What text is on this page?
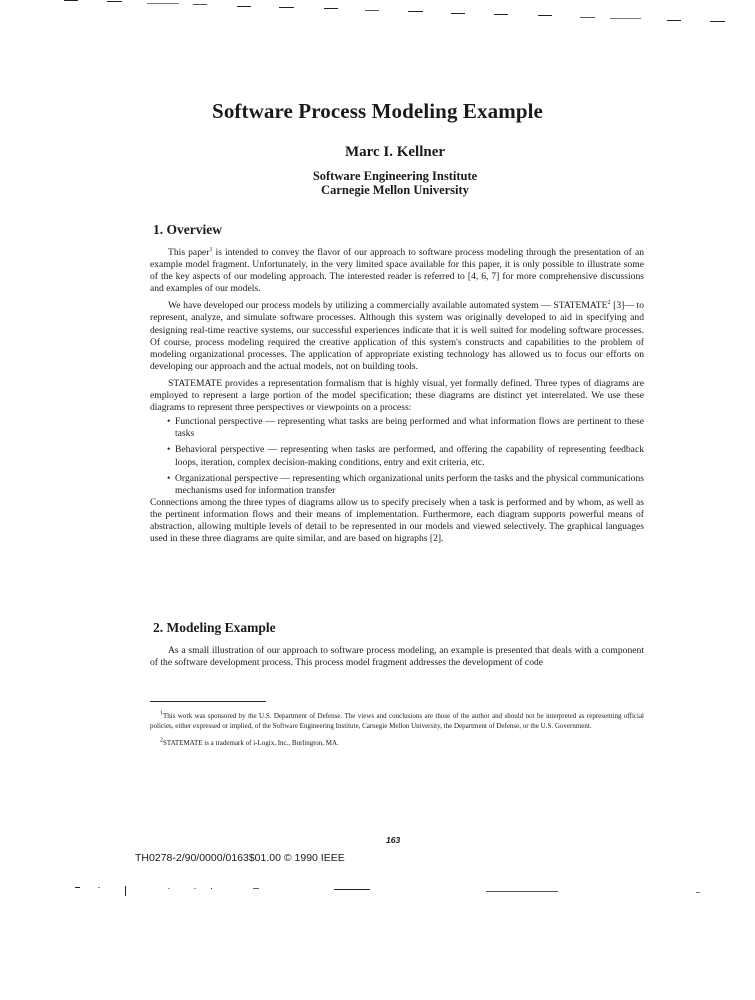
Software Process Modeling Example
Marc I. Kellner
Software Engineering Institute
Carnegie Mellon University
1. Overview

This paper$^1$ is intended to convey the flavor of our approach to software process modeling through the presentation of an example model fragment. Unfortunately, in the very limited space available for this paper, it is only possible to illustrate some of the key aspects of our modeling approach. The interested reader is referred to [4, 6, 7] for more comprehensive discussions and examples of our models.

We have developed our process models by utilizing a commercially available automated system — STATEMATE$^2$ [3]— to represent, analyze, and simulate software processes. Although this system was originally developed to aid in specifying and designing real-time reactive systems, our successful experiences indicate that it is well suited for modeling software processes. Of course, process modeling required the creative application of this system's constructs and capabilities to the problem of modeling organizational processes. The application of appropriate existing technology has allowed us to focus our efforts on developing our approach and the actual models, not on building tools.

STATEMATE provides a representation formalism that is highly visual, yet formally defined. Three types of diagrams are employed to represent a large portion of the model specification; these diagrams are distinct yet interrelated. We use these diagrams to represent three perspectives or viewpoints on a process:

• Functional perspective — representing what tasks are being performed and what information flows are pertinent to these tasks
• Behavioral perspective — representing when tasks are performed, and offering the capability of representing feedback loops, iteration, complex decision-making conditions, entry and exit criteria, etc.
• Organizational perspective — representing which organizational units perform the tasks and the physical communications mechanisms used for information transfer

Connections among the three types of diagrams allow us to specify precisely when a task is performed and by whom, as well as the pertinent information flows and their means of implementation. Furthermore, each diagram supports powerful means of abstraction, allowing multiple levels of detail to be represented in our models and viewed selectively. The graphical languages used in these three diagrams are quite similar, and are based on higraphs [2].

2. Modeling Example

As a small illustration of our approach to software process modeling, an example is presented that deals with a component of the software development process. This process model fragment addresses the development of code

$^1$This work was sponsored by the U.S. Department of Defense. The views and conclusions are those of the author and should not be interpreted as representing official policies, either expressed or implied, of the Software Engineering Institute, Carnegie Mellon University, the Department of Defense, or the U.S. Government.

$^2$STATEMATE is a trademark of i-Logix, Inc., Burlington, MA.

163
TH0278-2/90/0000/0163$01.00 © 1990 IEEE
